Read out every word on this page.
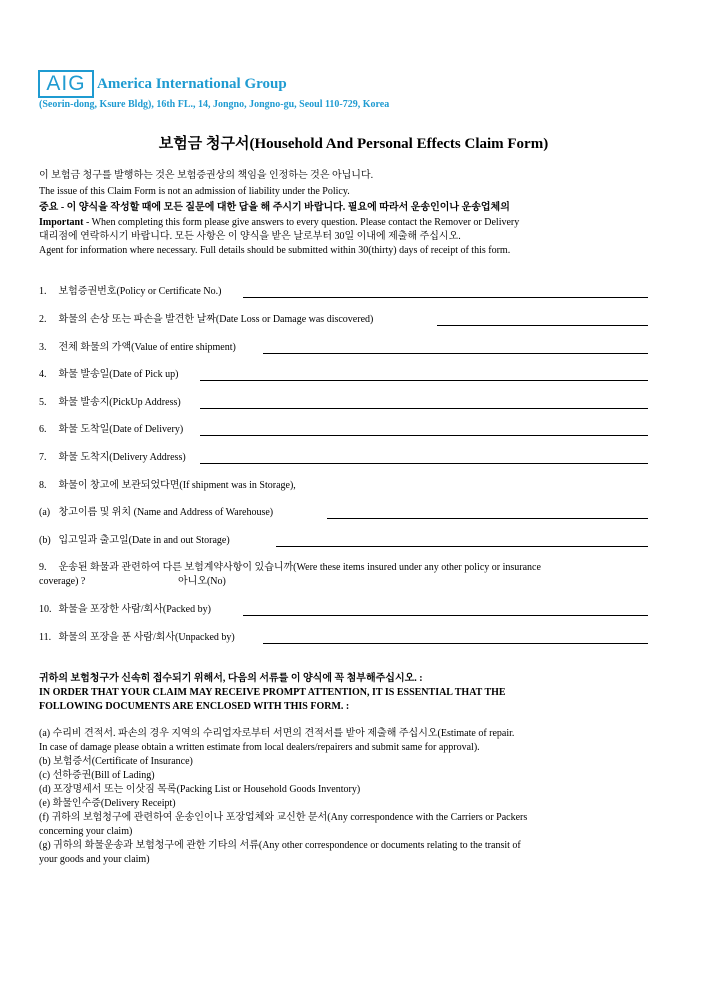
AIG America International Group
(Seorin-dong, Ksure Bldg), 16th FL., 14, Jongno, Jongno-gu, Seoul 110-729, Korea
보험금 청구서(Household And Personal Effects Claim Form)
이 보험금 청구를 발행하는 것은 보험증권상의 책임을 인정하는 것은 아닙니다.
The issue of this Claim Form is not an admission of liability under the Policy.
중요 - 이 양식을 작성할 때에 모든 질문에 대한 답을 해 주시기 바랍니다. 필요에 따라서 운송인이나 운송업체의
Important - When completing this form please give answers to every question. Please contact the Remover or Delivery
대리점에 연락하시기 바랍니다. 모든 사항은 이 양식을 받은 날로부터 30일 이내에 제출해 주십시오.
Agent for information where necessary. Full details should be submitted within 30(thirty) days of receipt of this form.
1. 보험증권번호(Policy or Certificate No.)
2. 화물의 손상 또는 파손을 발견한 날짜(Date Loss or Damage was discovered)
3. 전체 화물의 가액(Value of entire shipment)
4. 화물 발송일(Date of Pick up)
5. 화물 발송지(PickUp Address)
6. 화물 도착일(Date of Delivery)
7. 화물 도착지(Delivery Address)
8. 화물이 창고에 보관되었다면(If shipment was in Storage),
(a) 창고이름 및 위치 (Name and Address of Warehouse)
(b) 입고일과 출고일(Date in and out Storage)
9. 운송된 화물과 관련하여 다른 보험계약사항이 있습니까(Were these items insured under any other policy or insurance
coverage) ?	아니오(No)
10. 화물을 포장한 사람/회사(Packed by)
11. 화물의 포장을 푼 사람/회사(Unpacked by)
귀하의 보험청구가 신속히 접수되기 위해서, 다음의 서류를 이 양식에 꼭 첨부해주십시오. :
IN ORDER THAT YOUR CLAIM MAY RECEIVE PROMPT ATTENTION, IT IS ESSENTIAL THAT THE
FOLLOWING DOCUMENTS ARE ENCLOSED WITH THIS FORM. :
(a) 수리비 견적서. 파손의 경우 지역의 수리업자로부터 서면의 견적서를 받아 제출해 주십시오(Estimate of repair.
In case of damage please obtain a written estimate from local dealers/repairers and submit same for approval).
(b) 보험증서(Certificate of Insurance)
(c) 선하증권(Bill of Lading)
(d) 포장명세서 또는 이삿짐 목록(Packing List or Household Goods Inventory)
(e) 화물인수증(Delivery Receipt)
(f) 귀하의 보험청구에 관련하여 운송인이나 포장업체와 교신한 문서(Any correspondence with the Carriers or Packers
concerning your claim)
(g) 귀하의 화물운송과 보험청구에 관한 기타의 서류(Any other correspondence or documents relating to the transit of
your goods and your claim)
